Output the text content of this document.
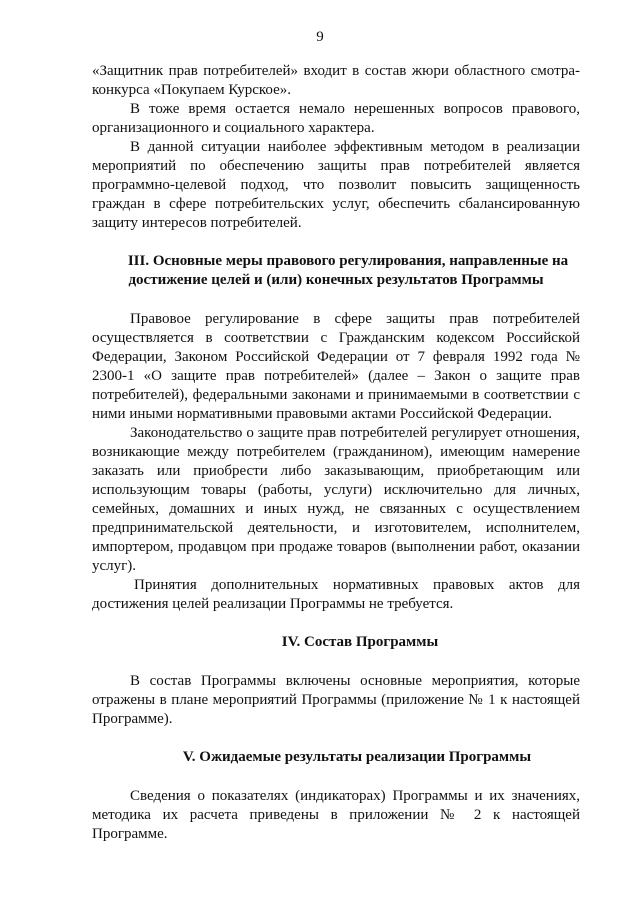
9

«Защитник прав потребителей» входит в состав жюри областного смотра-конкурса «Покупаем Курское».

В тоже время остается немало нерешенных вопросов правового, организационного и социального характера.

В данной ситуации наиболее эффективным методом в реализации мероприятий по обеспечению защиты прав потребителей является программно-целевой подход, что позволит повысить защищенность граждан в сфере потребительских услуг, обеспечить сбалансированную защиту интересов потребителей.

III. Основные меры правового регулирования, направленные на

достижение целей и (или) конечных результатов Программы

Правовое регулирование в сфере защиты прав потребителей осуществляется в соответствии с Гражданским кодексом Российской Федерации, Законом Российской Федерации от 7 февраля 1992 года № 2300-1 «О защите прав потребителей» (далее – Закон о защите прав потребителей), федеральными законами и принимаемыми в соответствии с ними иными нормативными правовыми актами Российской Федерации.

Законодательство о защите прав потребителей регулирует отношения, возникающие между потребителем (гражданином), имеющим намерение заказать или приобрести либо заказывающим, приобретающим или использующим товары (работы, услуги) исключительно для личных, семейных, домашних и иных нужд, не связанных с осуществлением предпринимательской деятельности, и изготовителем, исполнителем, импортером, продавцом при продаже товаров (выполнении работ, оказании услуг).

Принятия дополнительных нормативных правовых актов для достижения целей реализации Программы не требуется.

IV. Состав Программы

В состав Программы включены основные мероприятия, которые отражены в плане мероприятий Программы (приложение № 1 к настоящей Программе).

V. Ожидаемые результаты реализации Программы

Сведения о показателях (индикаторах) Программы и их значениях, методика их расчета приведены в приложении № 2 к настоящей Программе.
